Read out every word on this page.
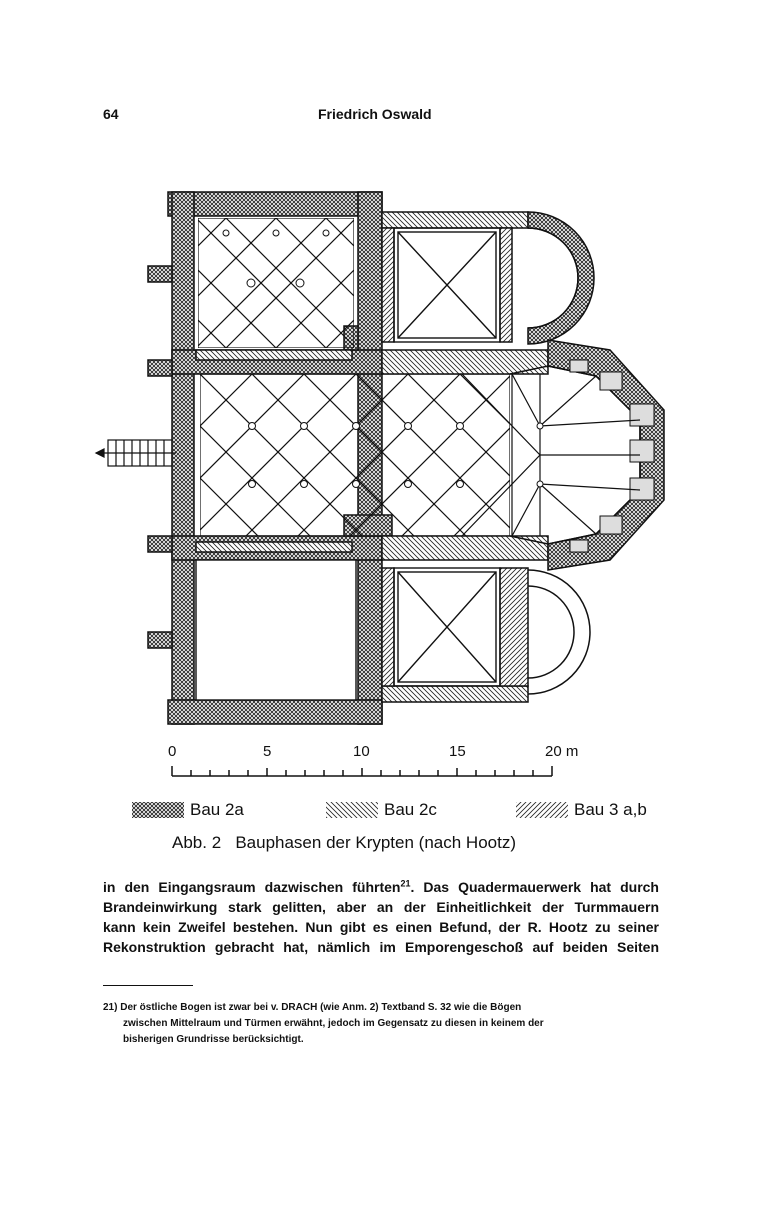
64	Friedrich Oswald
0	5	10	15	20 m
Bau 2a	Bau 2c	Bau 3 a,b
Abb. 2   Bauphasen der Krypten (nach Hootz)
in den Eingangsraum dazwischen führten$^{21}$. Das Quadermauerwerk hat durch
Brandeinwirkung stark gelitten, aber an der Einheitlichkeit der Turmmauern
kann kein Zweifel bestehen. Nun gibt es einen Befund, der R. Hootz zu seiner
Rekonstruktion gebracht hat, nämlich im Emporengeschoß auf beiden Seiten
21) Der östliche Bogen ist zwar bei v. DRACH (wie Anm. 2) Textband S. 32 wie die Bögen
zwischen Mittelraum und Türmen erwähnt, jedoch im Gegensatz zu diesen in keinem der
bisherigen Grundrisse berücksichtigt.
